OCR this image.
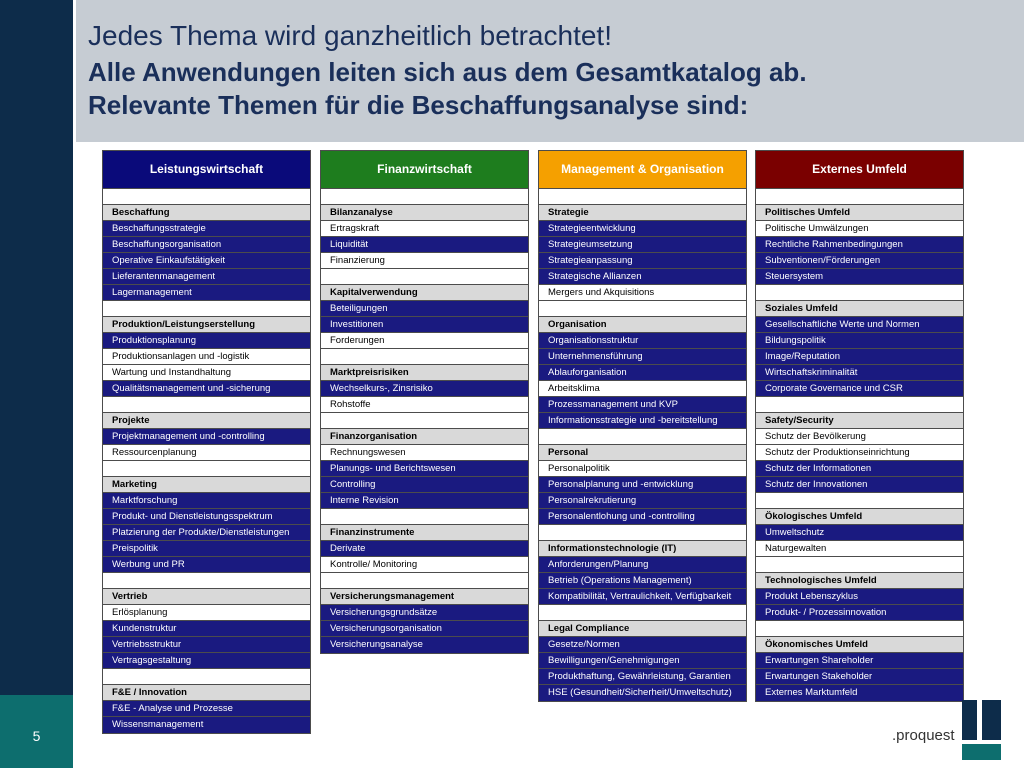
5
Jedes Thema wird ganzheitlich betrachtet!
Alle Anwendungen leiten sich aus dem Gesamtkatalog ab.
Relevante Themen für die Beschaffungsanalyse sind:
Leistungswirtschaft
Beschaffung
Beschaffungsstrategie
Beschaffungsorganisation
Operative Einkaufstätigkeit
Lieferantenmanagement
Lagermanagement
Produktion/Leistungserstellung
Produktionsplanung
Produktionsanlagen und -logistik
Wartung und Instandhaltung
Qualitätsmanagement und -sicherung
Projekte
Projektmanagement und -controlling
Ressourcenplanung
Marketing
Marktforschung
Produkt- und Dienstleistungsspektrum
Platzierung der Produkte/Dienstleistungen
Preispolitik
Werbung und PR
Vertrieb
Erlösplanung
Kundenstruktur
Vertriebsstruktur
Vertragsgestaltung
F&E / Innovation
F&E - Analyse und Prozesse
Wissensmanagement
Finanzwirtschaft
Bilanzanalyse
Ertragskraft
Liquidität
Finanzierung
Kapitalverwendung
Beteiligungen
Investitionen
Forderungen
Marktpreisrisiken
Wechselkurs-, Zinsrisiko
Rohstoffe
Finanzorganisation
Rechnungswesen
Planungs- und Berichtswesen
Controlling
Interne Revision
Finanzinstrumente
Derivate
Kontrolle/ Monitoring
Versicherungsmanagement
Versicherungsgrundsätze
Versicherungsorganisation
Versicherungsanalyse
Management & Organisation
Strategie
Strategieentwicklung
Strategieumsetzung
Strategieanpassung
Strategische Allianzen
Mergers und Akquisitions
Organisation
Organisationsstruktur
Unternehmensführung
Ablauforganisation
Arbeitsklima
Prozessmanagement und KVP
Informationsstrategie und -bereitstellung
Personal
Personalpolitik
Personalplanung und -entwicklung
Personalrekrutierung
Personalentlohung und -controlling
Informationstechnologie (IT)
Anforderungen/Planung
Betrieb (Operations Management)
Kompatibilität, Vertraulichkeit, Verfügbarkeit
Legal Compliance
Gesetze/Normen
Bewilligungen/Genehmigungen
Produkthaftung, Gewährleistung, Garantien
HSE (Gesundheit/Sicherheit/Umweltschutz)
Externes Umfeld
Politisches Umfeld
Politische Umwälzungen
Rechtliche Rahmenbedingungen
Subventionen/Förderungen
Steuersystem
Soziales Umfeld
Gesellschaftliche Werte und Normen
Bildungspolitik
Image/Reputation
Wirtschaftskriminalität
Corporate Governance und CSR
Safety/Security
Schutz der Bevölkerung
Schutz der Produktionseinrichtung
Schutz der Informationen
Schutz der Innovationen
Ökologisches Umfeld
Umweltschutz
Naturgewalten
Technologisches Umfeld
Produkt Lebenszyklus
Produkt- / Prozessinnovation
Ökonomisches Umfeld
Erwartungen Shareholder
Erwartungen Stakeholder
Externes Marktumfeld
.proquest
